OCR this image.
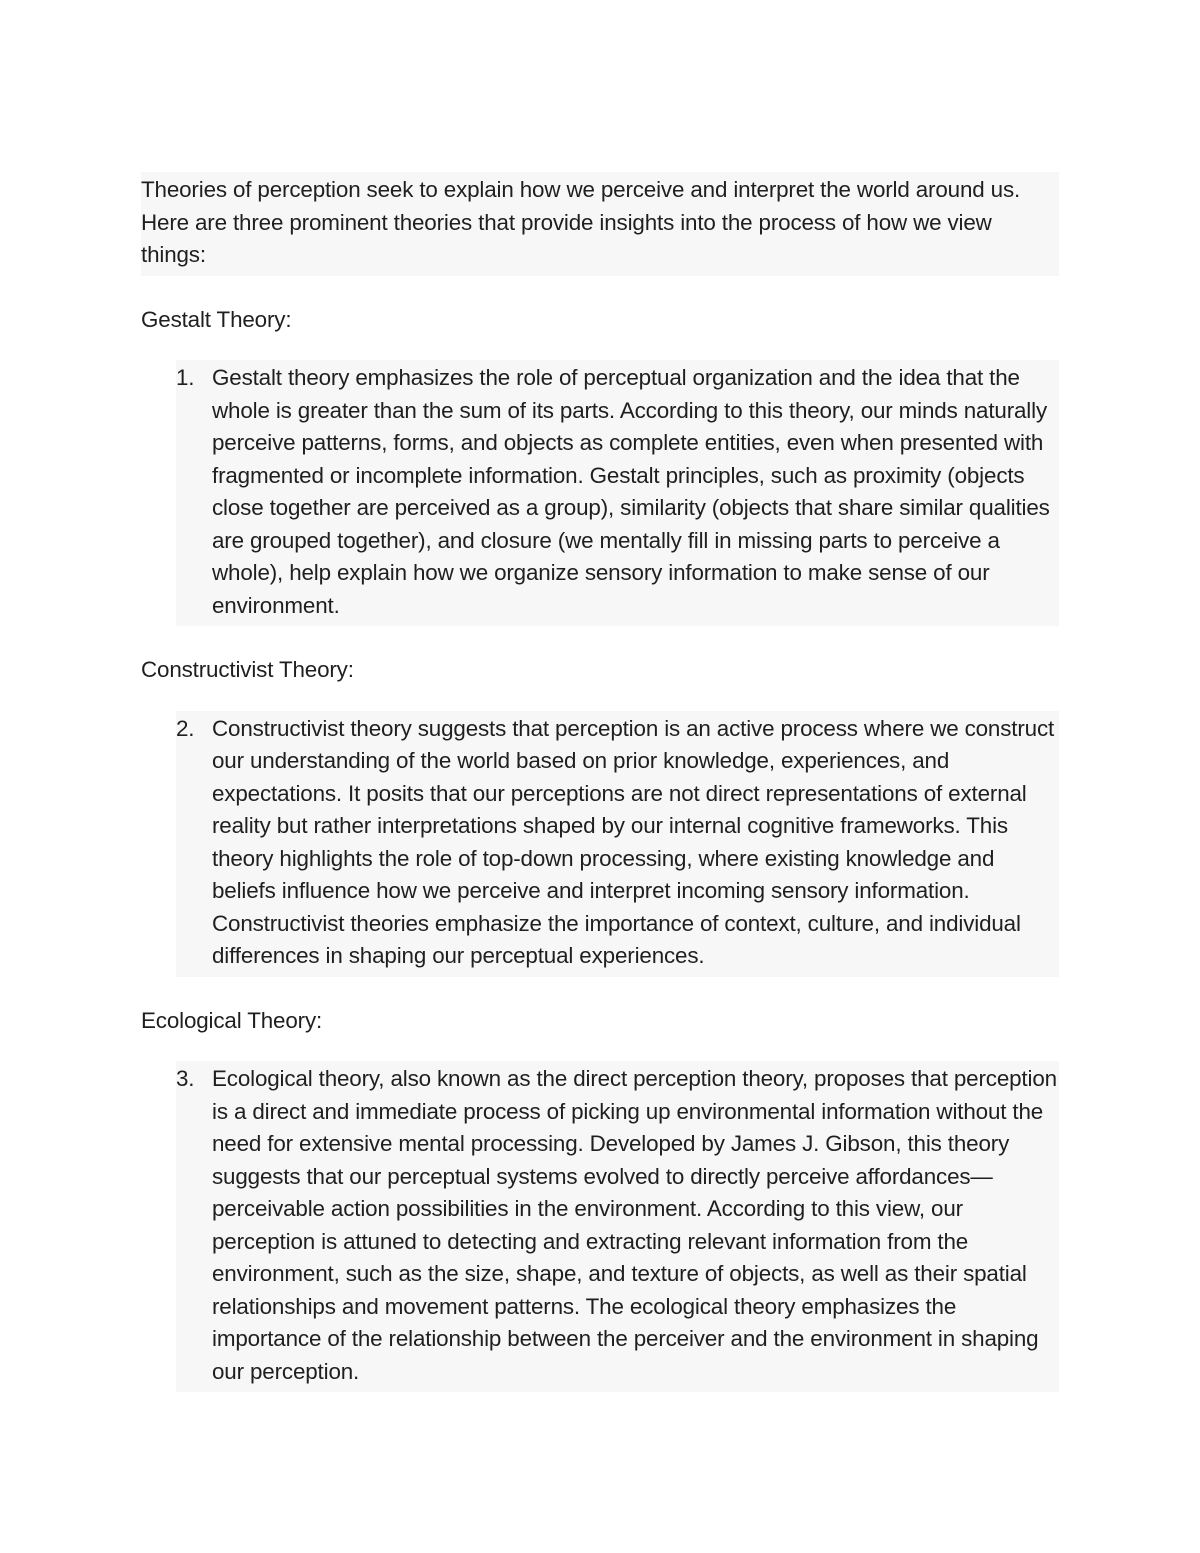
Theories of perception seek to explain how we perceive and interpret the world around us. Here are three prominent theories that provide insights into the process of how we view things:

Gestalt Theory:

1. Gestalt theory emphasizes the role of perceptual organization and the idea that the whole is greater than the sum of its parts. According to this theory, our minds naturally perceive patterns, forms, and objects as complete entities, even when presented with fragmented or incomplete information. Gestalt principles, such as proximity (objects close together are perceived as a group), similarity (objects that share similar qualities are grouped together), and closure (we mentally fill in missing parts to perceive a whole), help explain how we organize sensory information to make sense of our environment.

Constructivist Theory:

2. Constructivist theory suggests that perception is an active process where we construct our understanding of the world based on prior knowledge, experiences, and expectations. It posits that our perceptions are not direct representations of external reality but rather interpretations shaped by our internal cognitive frameworks. This theory highlights the role of top-down processing, where existing knowledge and beliefs influence how we perceive and interpret incoming sensory information. Constructivist theories emphasize the importance of context, culture, and individual differences in shaping our perceptual experiences.

Ecological Theory:

3. Ecological theory, also known as the direct perception theory, proposes that perception is a direct and immediate process of picking up environmental information without the need for extensive mental processing. Developed by James J. Gibson, this theory suggests that our perceptual systems evolved to directly perceive affordances—perceivable action possibilities in the environment. According to this view, our perception is attuned to detecting and extracting relevant information from the environment, such as the size, shape, and texture of objects, as well as their spatial relationships and movement patterns. The ecological theory emphasizes the importance of the relationship between the perceiver and the environment in shaping our perception.
